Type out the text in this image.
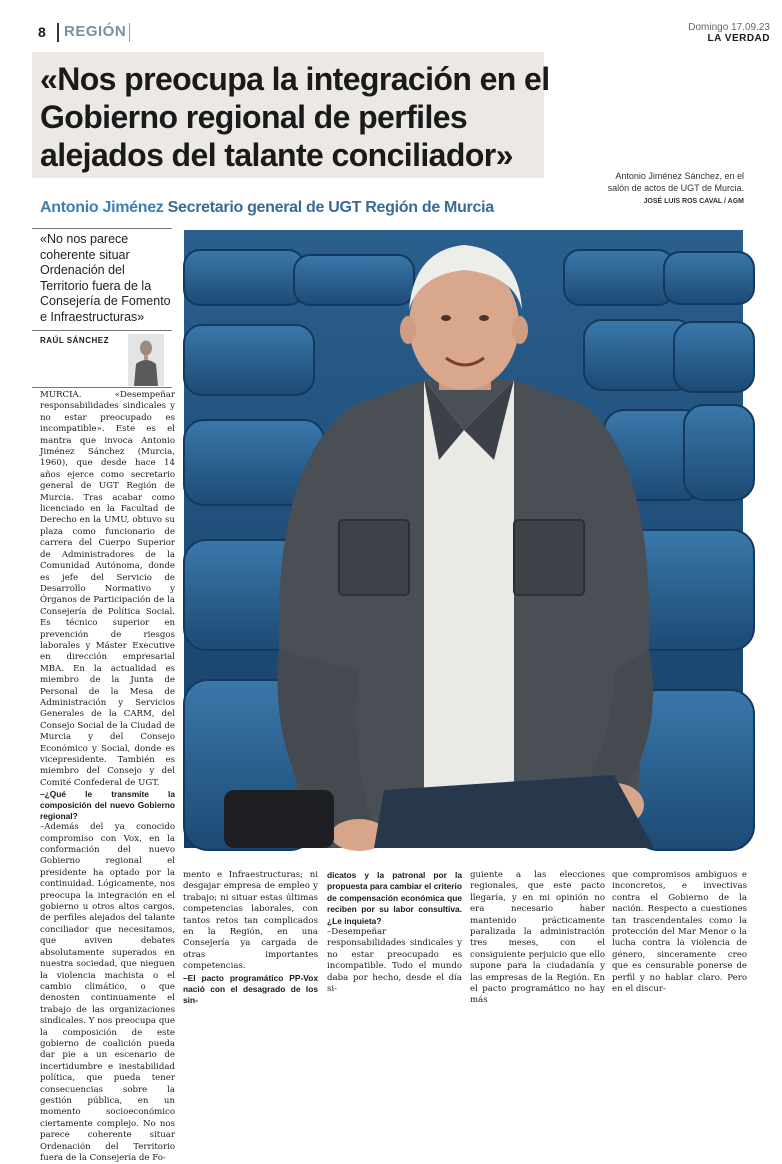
8 REGIÓN	Domingo 17.09.23
LA VERDAD
«Nos preocupa la integración en el Gobierno regional de perfiles alejados del talante conciliador»
Antonio Jiménez Sánchez, en el salón de actos de UGT de Murcia. JOSÉ LUIS ROS CAVAL / AGM
Antonio Jiménez Secretario general de UGT Región de Murcia
«No nos parece coherente situar Ordenación del Territorio fuera de la Consejería de Fomento e Infraestructuras»
RAÚL SÁNCHEZ

MURCIA. «Desempeñar responsabilidades sindicales y no estar preocupado es incompatible». Este es el mantra que invoca Antonio Jiménez Sánchez (Murcia, 1960), que desde hace 14 años ejerce como secretario general de UGT Región de Murcia. Tras acabar como licenciado en la Facultad de Derecho en la UMU, obtuvo su plaza como funcionario de carrera del Cuerpo Superior de Administradores de la Comunidad Autónoma, donde es jefe del Servicio de Desarrollo Normativo y Órganos de Participación de la Consejería de Política Social. Es técnico superior en prevención de riesgos laborales y Máster Executive en dirección empresarial MBA. En la actualidad es miembro de la Junta de Personal de la Mesa de Administración y Servicios Generales de la CARM, del Consejo Social de la Ciudad de Murcia y del Consejo Económico y Social, donde es vicepresidente. También es miembro del Consejo y del Comité Confederal de UGT.

–¿Qué le transmite la composición del nuevo Gobierno regional?

–Además del ya conocido compromiso con Vox, en la conformación del nuevo Gobierno regional el presidente ha optado por la continuidad. Lógicamente, nos preocupa la integración en el gobierno u otros altos cargos, de perfiles alejados del talante conciliador que necesitamos, que aviven debates absolutamente superados en nuestra sociedad, que nieguen la violencia machista o el cambio climático, o que denosten continuamente el trabajo de las organizaciones sindicales. Y nos preocupa que la composición de este gobierno de coalición pueda dar pie a un escenario de incertidumbre e inestabilidad política, que pueda tener consecuencias sobre la gestión pública, en un momento socioeconómico ciertamente complejo. No nos parece coherente situar Ordenación del Territorio fuera de la Consejería de Fo-

mento e Infraestructuras; ni desgajar empresa de empleo y trabajo; ni situar estas últimas competencias laborales, con tantos retos tan complicados en la Región, en una Consejería ya cargada de otras importantes competencias.

–El pacto programático PP-Vox nació con el desagrado de los sin-

dicatos y la patronal por la propuesta para cambiar el criterio de compensación económica que reciben por su labor consultiva. ¿Le inquieta?

–Desempeñar responsabilidades sindicales y no estar preocupado es incompatible. Todo el mundo daba por hecho, desde el día si-

guiente a las elecciones regionales, que este pacto llegaría, y en mi opinión no era necesario haber mantenido prácticamente paralizada la administración tres meses, con el consiguiente perjuicio que ello supone para la ciudadanía y las empresas de la Región. En el pacto programático no hay más

que compromisos ambiguos e inconcretos, e invectivas contra el Gobierno de la nación. Respecto a cuestiones tan trascendentales como la protección del Mar Menor o la lucha contra la violencia de género, sinceramente creo que es censurable ponerse de perfil y no hablar claro. Pero en el discur-
